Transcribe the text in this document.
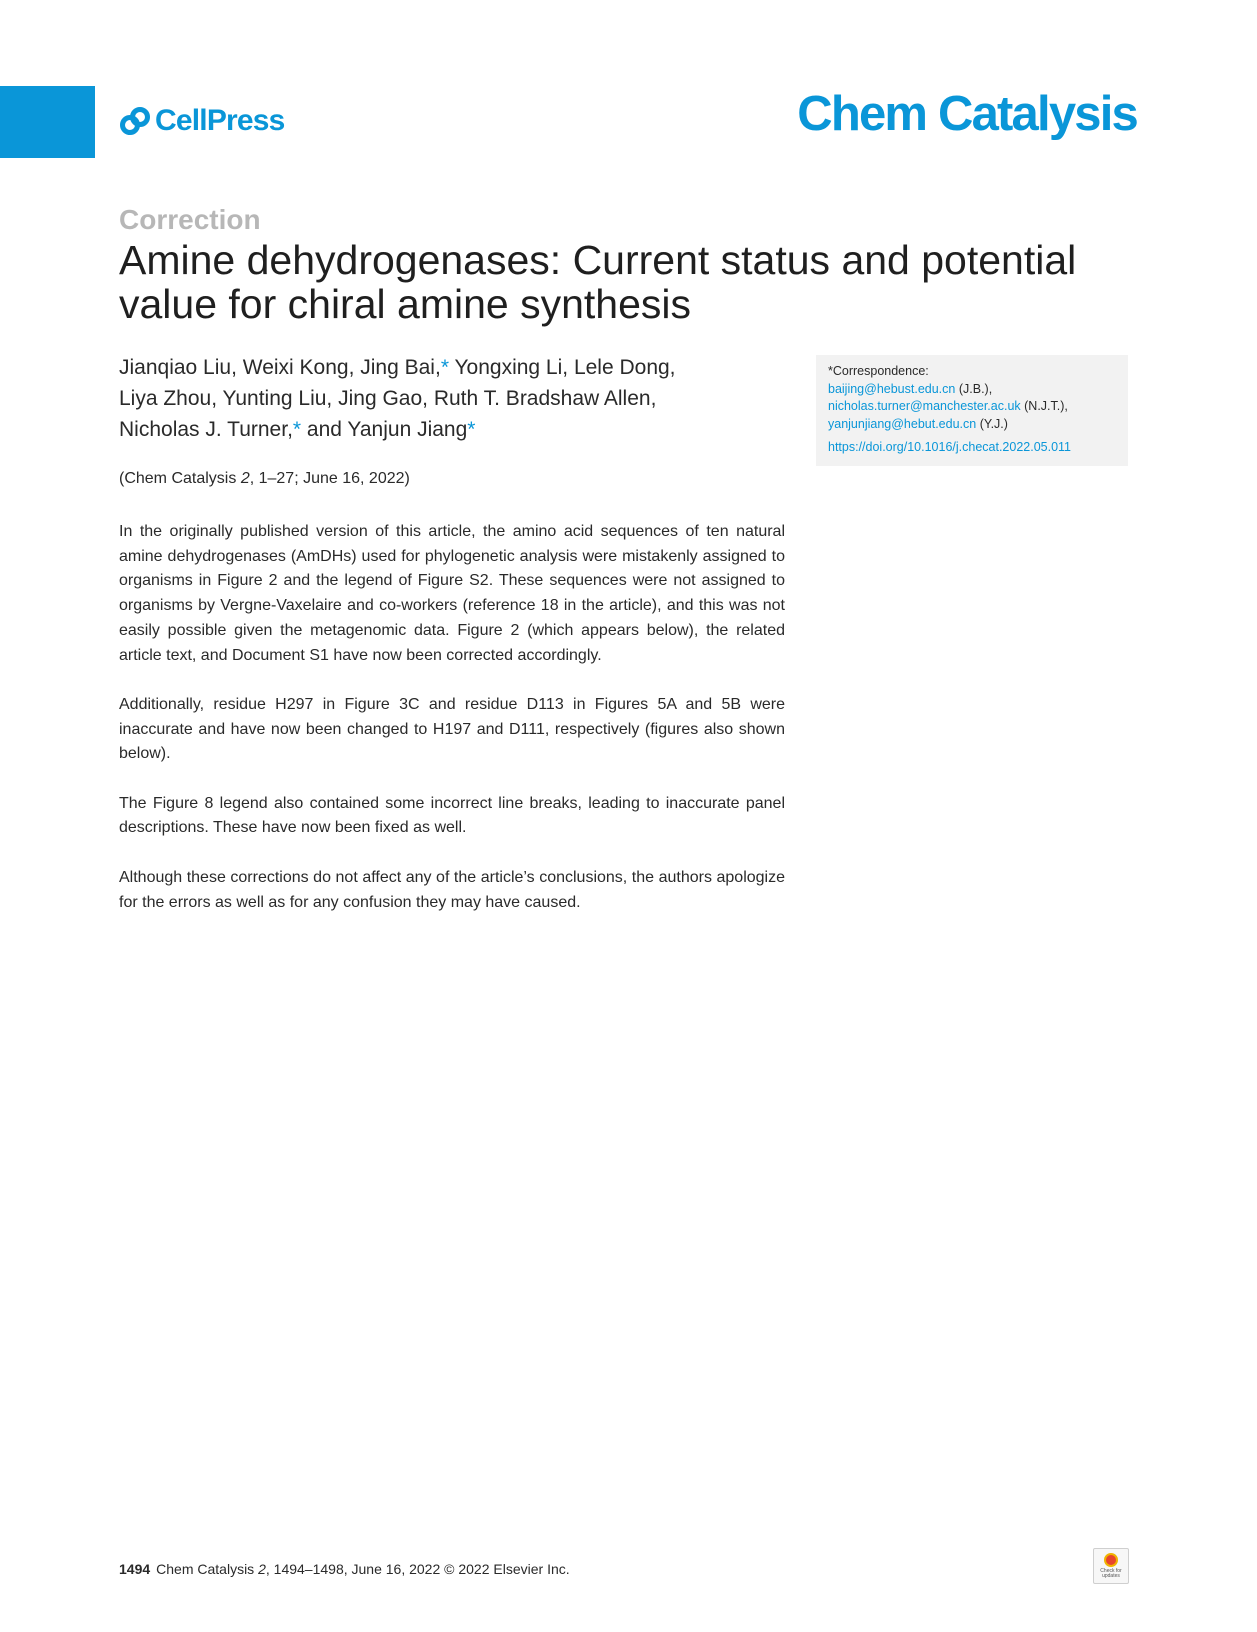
CellPress	Chem Catalysis
Correction
Amine dehydrogenases: Current status and potential value for chiral amine synthesis
Jianqiao Liu, Weixi Kong, Jing Bai,* Yongxing Li, Lele Dong,
Liya Zhou, Yunting Liu, Jing Gao, Ruth T. Bradshaw Allen,
Nicholas J. Turner,* and Yanjun Jiang*
(Chem Catalysis 2, 1–27; June 16, 2022)

In the originally published version of this article, the amino acid sequences of ten natural amine dehydrogenases (AmDHs) used for phylogenetic analysis were mistakenly assigned to organisms in Figure 2 and the legend of Figure S2. These sequences were not assigned to organisms by Vergne-Vaxelaire and co-workers (reference 18 in the article), and this was not easily possible given the metagenomic data. Figure 2 (which appears below), the related article text, and Document S1 have now been corrected accordingly.

Additionally, residue H297 in Figure 3C and residue D113 in Figures 5A and 5B were inaccurate and have now been changed to H197 and D111, respectively (figures also shown below).

The Figure 8 legend also contained some incorrect line breaks, leading to inaccurate panel descriptions. These have now been fixed as well.

Although these corrections do not affect any of the article’s conclusions, the authors apologize for the errors as well as for any confusion they may have caused.

*Correspondence:
baijing@hebust.edu.cn (J.B.),
nicholas.turner@manchester.ac.uk (N.J.T.),
yanjunjiang@hebut.edu.cn (Y.J.)
https://doi.org/10.1016/j.checat.2022.05.011
1494 Chem Catalysis 2, 1494–1498, June 16, 2022 © 2022 Elsevier Inc.	Check for updates
